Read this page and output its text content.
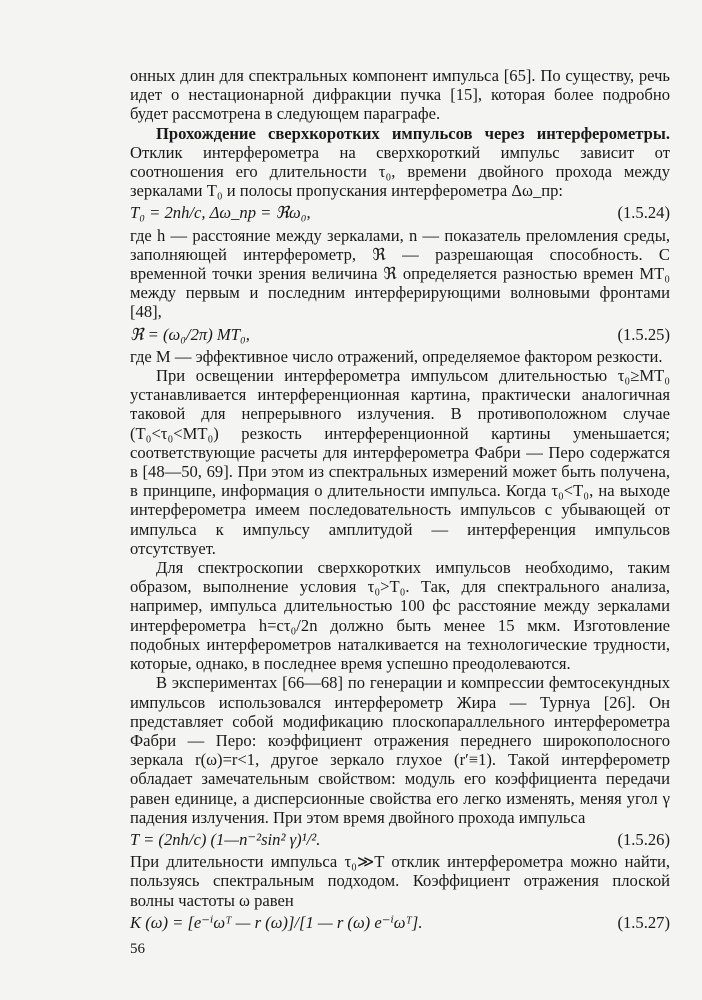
онных длин для спектральных компонент импульса [65]. По существу, речь идет о нестационарной дифракции пучка [15], которая более подробно будет рассмотрена в следующем параграфе.

Прохождение сверхкоротких импульсов через интерферометры. Отклик интерферометра на сверхкороткий импульс зависит от соотношения его длительности τ₀, времени двойного прохода между зеркалами T₀ и полосы пропускания интерферометра Δω_пр:

T₀ = 2nh/c, Δω_пр = ℜω₀,	(1.5.24)

где h — расстояние между зеркалами, n — показатель преломления среды, заполняющей интерферометр, ℜ — разрешающая способность. С временной точки зрения величина ℜ определяется разностью времен MT₀ между первым и последним интерферирующими волновыми фронтами [48],

ℜ = (ω₀/2π) MT₀,	(1.5.25)

где M — эффективное число отражений, определяемое фактором резкости.

При освещении интерферометра импульсом длительностью τ₀≥MT₀ устанавливается интерференционная картина, практически аналогичная таковой для непрерывного излучения. В противоположном случае (T₀<τ₀<MT₀) резкость интерференционной картины уменьшается; соответствующие расчеты для интерферометра Фабри — Перо содержатся в [48—50, 69]. При этом из спектральных измерений может быть получена, в принципе, информация о длительности импульса. Когда τ₀<T₀, на выходе интерферометра имеем последовательность импульсов с убывающей от импульса к импульсу амплитудой — интерференция импульсов отсутствует.

Для спектроскопии сверхкоротких импульсов необходимо, таким образом, выполнение условия τ₀>T₀. Так, для спектрального анализа, например, импульса длительностью 100 фс расстояние между зеркалами интерферометра h=cτ₀/2n должно быть менее 15 мкм. Изготовление подобных интерферометров наталкивается на технологические трудности, которые, однако, в последнее время успешно преодолеваются.

В экспериментах [66—68] по генерации и компрессии фемтосекундных импульсов использовался интерферометр Жира — Турнуа [26]. Он представляет собой модификацию плоскопараллельного интерферометра Фабри — Перо: коэффициент отражения переднего широкополосного зеркала r(ω)=r<1, другое зеркало глухое (r′≡1). Такой интерферометр обладает замечательным свойством: модуль его коэффициента передачи равен единице, а дисперсионные свойства его легко изменять, меняя угол γ падения излучения. При этом время двойного прохода импульса

T = (2nh/c) (1—n⁻²sin² γ)¹/².	(1.5.26)

При длительности импульса τ₀≫T отклик интерферометра можно найти, пользуясь спектральным подходом. Коэффициент отражения плоской волны частоты ω равен

K (ω) = [e⁻ⁱωᵀ — r (ω)]/[1 — r (ω) e⁻ⁱωᵀ].	(1.5.27)
56
